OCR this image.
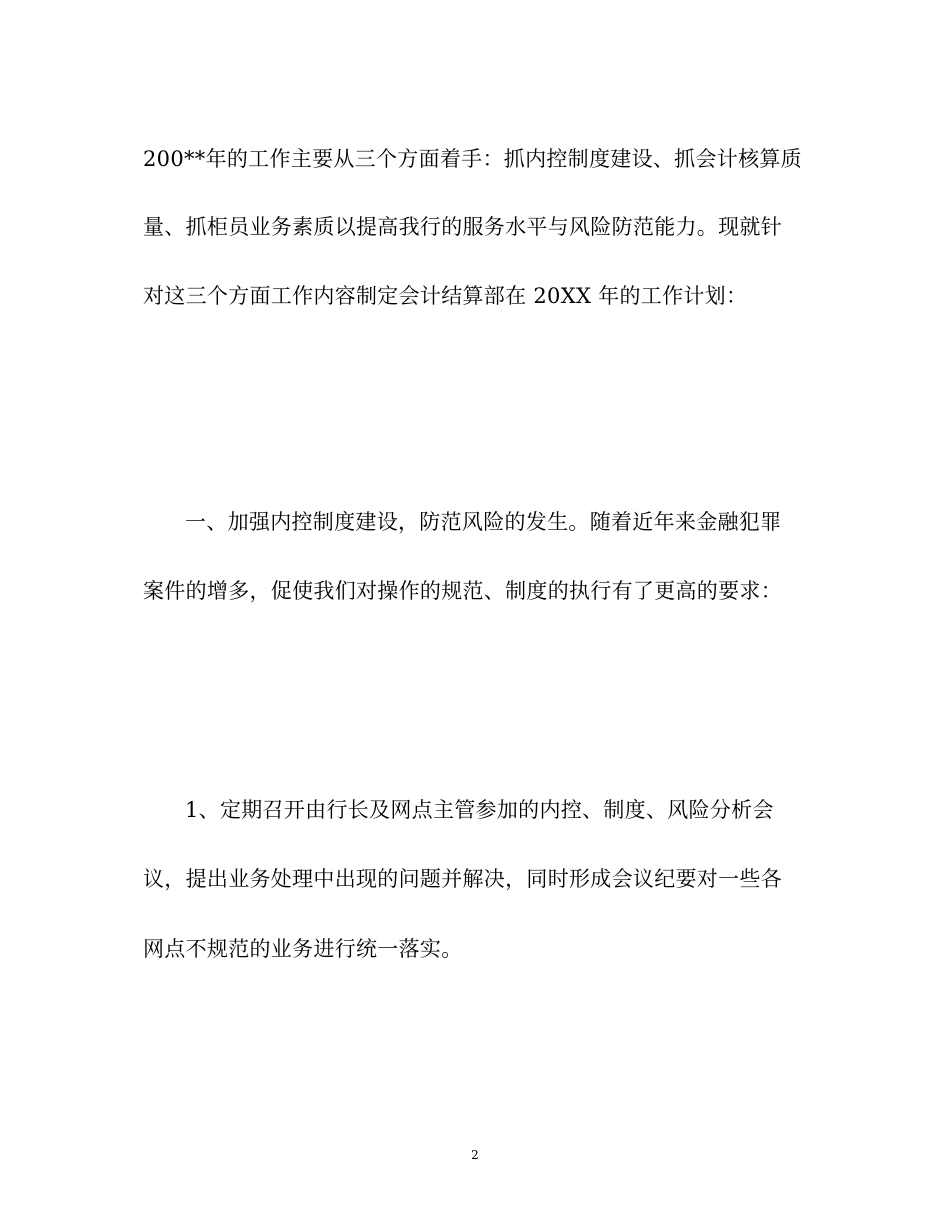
200**年的工作主要从三个方面着手：抓内控制度建设、抓会计核算质
量、抓柜员业务素质以提高我行的服务水平与风险防范能力。现就针
对这三个方面工作内容制定会计结算部在 20XX 年的工作计划：
一、加强内控制度建设，防范风险的发生。随着近年来金融犯罪
案件的增多，促使我们对操作的规范、制度的执行有了更高的要求：
1、定期召开由行长及网点主管参加的内控、制度、风险分析会
议，提出业务处理中出现的问题并解决，同时形成会议纪要对一些各
网点不规范的业务进行统一落实。
2
